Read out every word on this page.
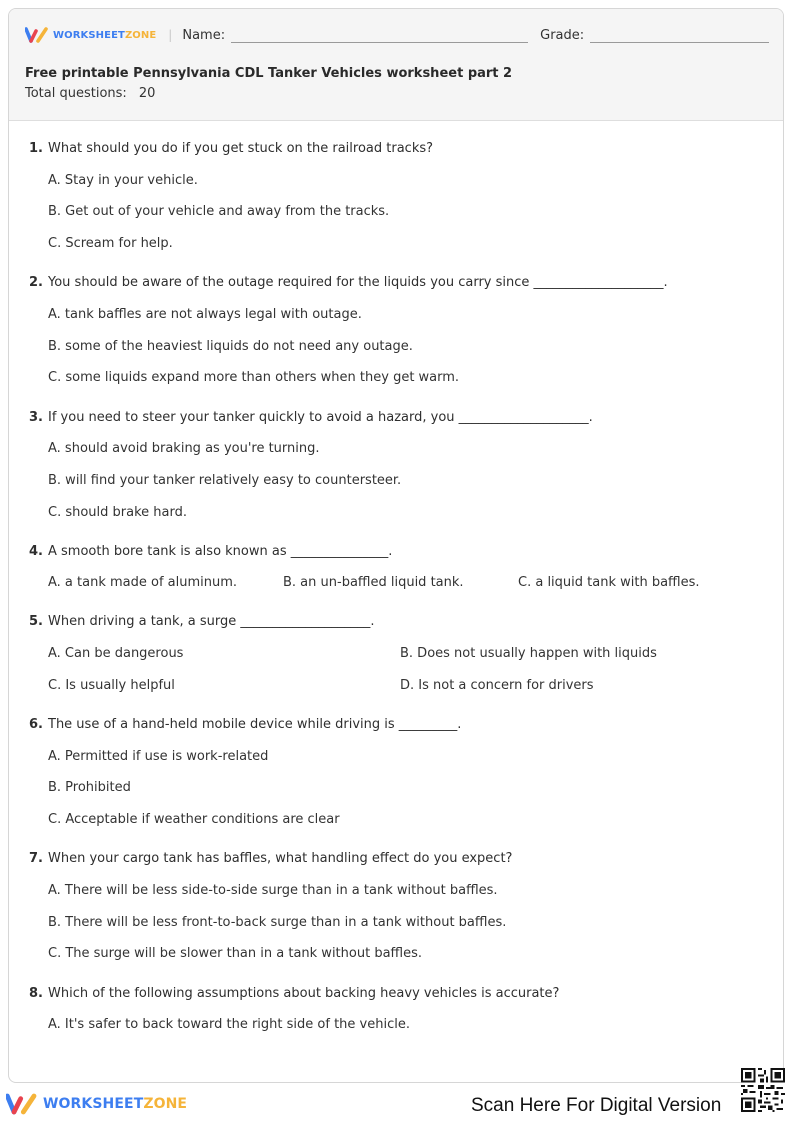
WORKSHEETZONE | Name:	Grade:
Free printable Pennsylvania CDL Tanker Vehicles worksheet part 2
Total questions: 20
1. What should you do if you get stuck on the railroad tracks?
A. Stay in your vehicle.
B. Get out of your vehicle and away from the tracks.
C. Scream for help.
2. You should be aware of the outage required for the liquids you carry since ____________________.
A. tank baffles are not always legal with outage.
B. some of the heaviest liquids do not need any outage.
C. some liquids expand more than others when they get warm.
3. If you need to steer your tanker quickly to avoid a hazard, you ____________________.
A. should avoid braking as you're turning.
B. will find your tanker relatively easy to countersteer.
C. should brake hard.
4. A smooth bore tank is also known as _______________.
A. a tank made of aluminum.	B. an un-baffled liquid tank.	C. a liquid tank with baffles.
5. When driving a tank, a surge ____________________.
A. Can be dangerous	B. Does not usually happen with liquids
C. Is usually helpful	D. Is not a concern for drivers
6. The use of a hand-held mobile device while driving is _________.
A. Permitted if use is work-related
B. Prohibited
C. Acceptable if weather conditions are clear
7. When your cargo tank has baffles, what handling effect do you expect?
A. There will be less side-to-side surge than in a tank without baffles.
B. There will be less front-to-back surge than in a tank without baffles.
C. The surge will be slower than in a tank without baffles.
8. Which of the following assumptions about backing heavy vehicles is accurate?
A. It's safer to back toward the right side of the vehicle.
WORKSHEETZONE	Scan Here For Digital Version
